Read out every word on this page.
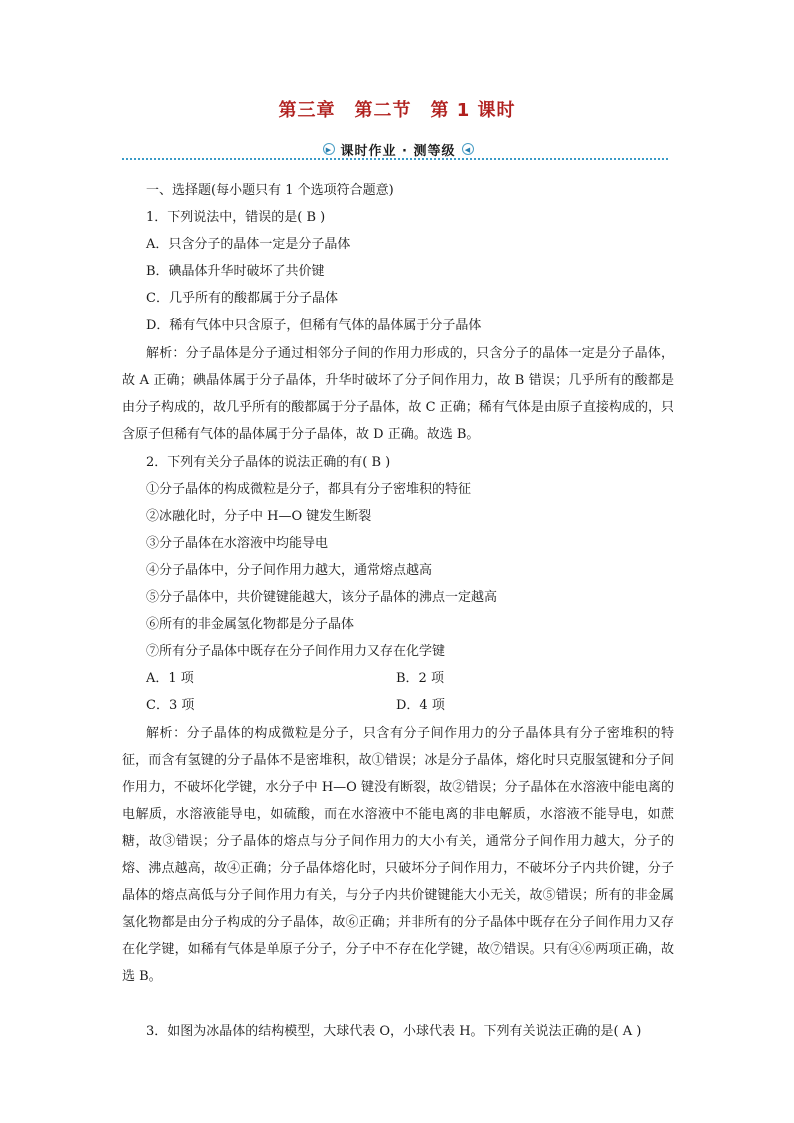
第三章　第二节　第 1 课时
▶ 课时作业 · 测等级	◀

一、选择题(每小题只有 1 个选项符合题意)

1．下列说法中，错误的是( B )

A．只含分子的晶体一定是分子晶体

B．碘晶体升华时破坏了共价键

C．几乎所有的酸都属于分子晶体

D．稀有气体中只含原子，但稀有气体的晶体属于分子晶体

解析：分子晶体是分子通过相邻分子间的作用力形成的，只含分子的晶体一定是分子晶体，故 A 正确；碘晶体属于分子晶体，升华时破坏了分子间作用力，故 B 错误；几乎所有的酸都是由分子构成的，故几乎所有的酸都属于分子晶体，故 C 正确；稀有气体是由原子直接构成的，只含原子但稀有气体的晶体属于分子晶体，故 D 正确。故选 B。

2．下列有关分子晶体的说法正确的有( B )

①分子晶体的构成微粒是分子，都具有分子密堆积的特征

②冰融化时，分子中 H—O 键发生断裂

③分子晶体在水溶液中均能导电

④分子晶体中，分子间作用力越大，通常熔点越高

⑤分子晶体中，共价键键能越大，该分子晶体的沸点一定越高

⑥所有的非金属氢化物都是分子晶体

⑦所有分子晶体中既存在分子间作用力又存在化学键

A．1 项	B．2 项

C．3 项	D．4 项

解析：分子晶体的构成微粒是分子，只含有分子间作用力的分子晶体具有分子密堆积的特征，而含有氢键的分子晶体不是密堆积，故①错误；冰是分子晶体，熔化时只克服氢键和分子间作用力，不破坏化学键，水分子中 H—O 键没有断裂，故②错误；分子晶体在水溶液中能电离的电解质，水溶液能导电，如硫酸，而在水溶液中不能电离的非电解质，水溶液不能导电，如蔗糖，故③错误；分子晶体的熔点与分子间作用力的大小有关，通常分子间作用力越大，分子的熔、沸点越高，故④正确；分子晶体熔化时，只破坏分子间作用力，不破坏分子内共价键，分子晶体的熔点高低与分子间作用力有关，与分子内共价键键能大小无关，故⑤错误；所有的非金属氢化物都是由分子构成的分子晶体，故⑥正确；并非所有的分子晶体中既存在分子间作用力又存在化学键，如稀有气体是单原子分子，分子中不存在化学键，故⑦错误。只有④⑥两项正确，故选 B。

3．如图为冰晶体的结构模型，大球代表 O，小球代表 H。下列有关说法正确的是( A )
